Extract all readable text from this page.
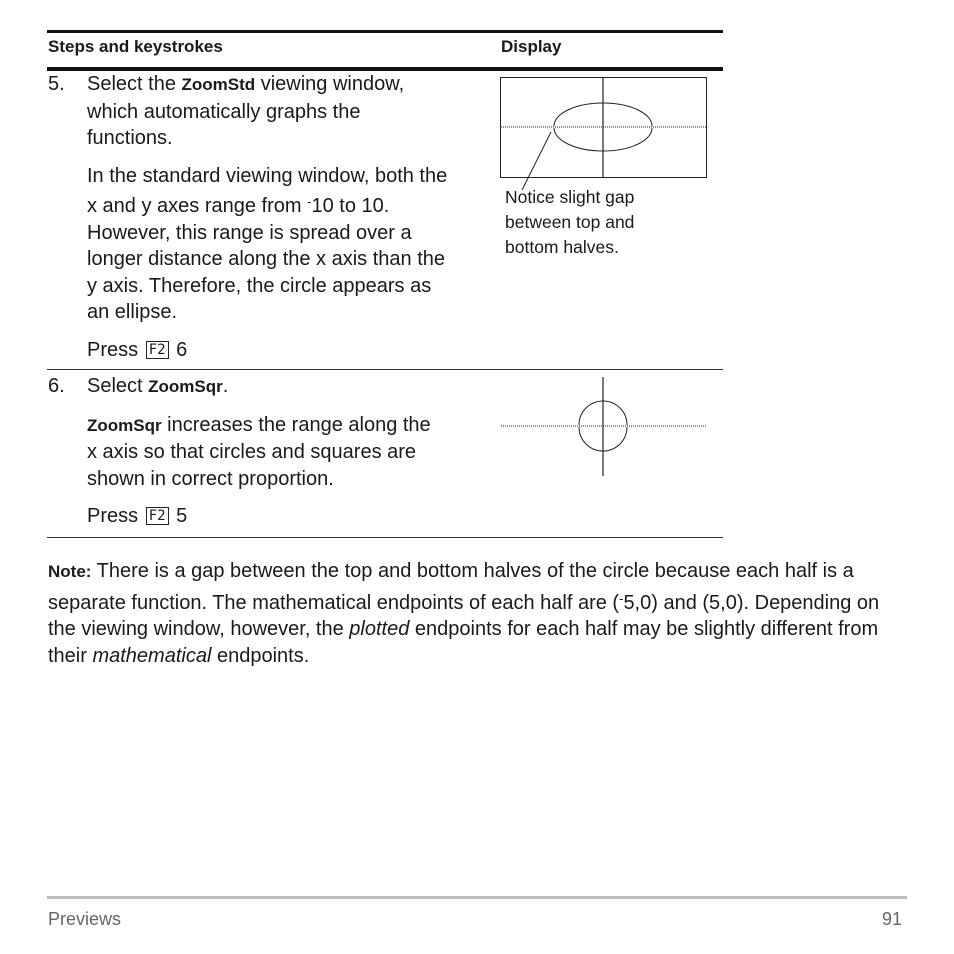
Steps and keystrokes	Display
5. Select the ZoomStd viewing window,
which automatically graphs the
functions.
In the standard viewing window, both the
x and y axes range from -10 to 10.
However, this range is spread over a
longer distance along the x axis than the
y axis. Therefore, the circle appears as
an ellipse.
Press F2 6
Notice slight gap
between top and
bottom halves.
6. Select ZoomSqr.
ZoomSqr increases the range along the
x axis so that circles and squares are
shown in correct proportion.
Press F2 5
Note: There is a gap between the top and bottom halves of the circle because each half is a separate function. The mathematical endpoints of each half are (-5,0) and (5,0). Depending on the viewing window, however, the plotted endpoints for each half may be slightly different from their mathematical endpoints.
Previews	91
